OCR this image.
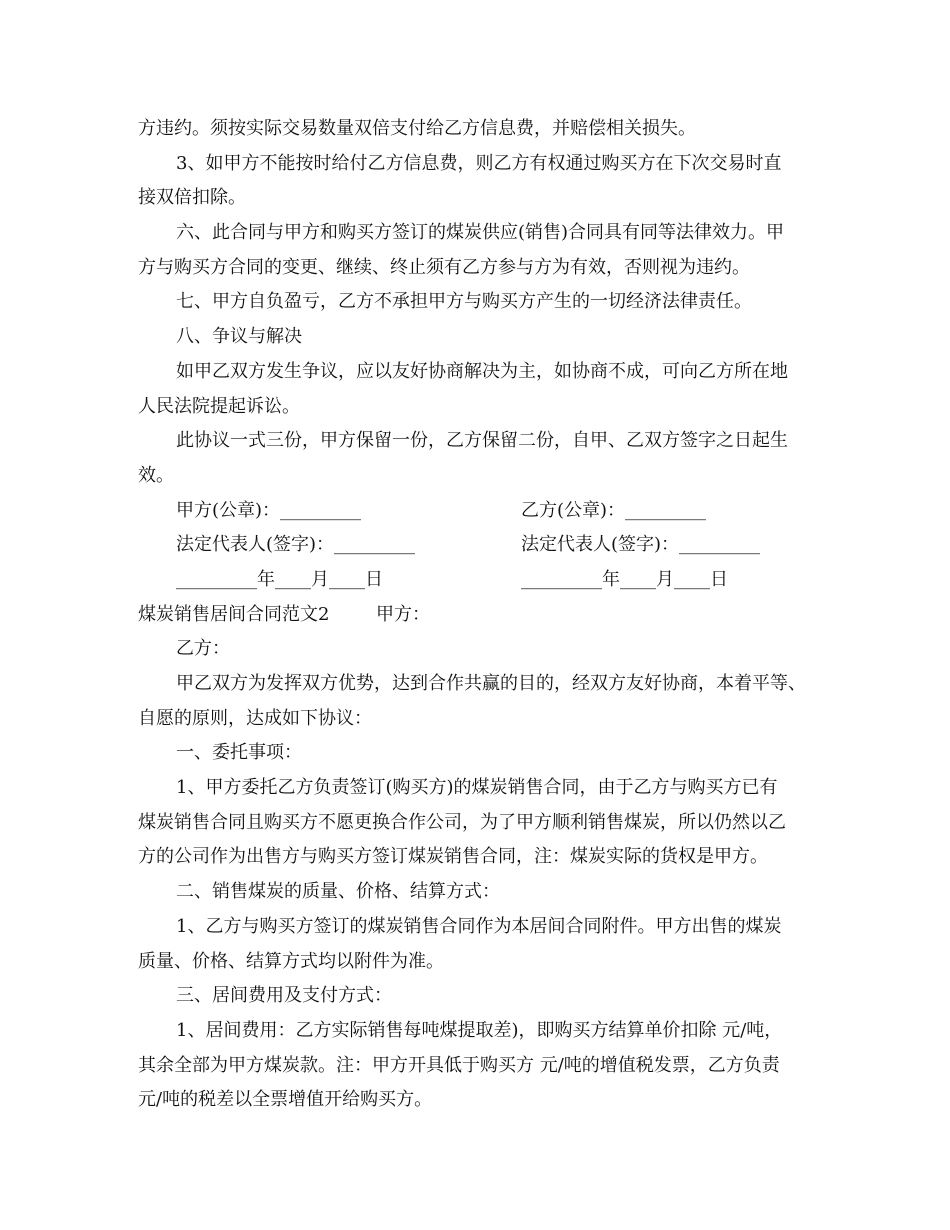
方违约。须按实际交易数量双倍支付给乙方信息费，并赔偿相关损失。
3、如甲方不能按时给付乙方信息费，则乙方有权通过购买方在下次交易时直
接双倍扣除。
六、此合同与甲方和购买方签订的煤炭供应(销售)合同具有同等法律效力。甲
方与购买方合同的变更、继续、终止须有乙方参与方为有效，否则视为违约。
七、甲方自负盈亏，乙方不承担甲方与购买方产生的一切经济法律责任。
八、争议与解决
如甲乙双方发生争议，应以友好协商解决为主，如协商不成，可向乙方所在地
人民法院提起诉讼。
此协议一式三份，甲方保留一份，乙方保留二份，自甲、乙双方签字之日起生
效。
甲方(公章)：_________	乙方(公章)：_________
法定代表人(签字)：_________	法定代表人(签字)：_________
_________年____月____日	_________年____月____日
煤炭销售居间合同范文2	甲方：
乙方：
甲乙双方为发挥双方优势，达到合作共赢的目的，经双方友好协商，本着平等、
自愿的原则，达成如下协议：
一、委托事项：
1、甲方委托乙方负责签订(购买方)的煤炭销售合同，由于乙方与购买方已有
煤炭销售合同且购买方不愿更换合作公司，为了甲方顺利销售煤炭，所以仍然以乙
方的公司作为出售方与购买方签订煤炭销售合同，注：煤炭实际的货权是甲方。
二、销售煤炭的质量、价格、结算方式：
1、乙方与购买方签订的煤炭销售合同作为本居间合同附件。甲方出售的煤炭
质量、价格、结算方式均以附件为准。
三、居间费用及支付方式：
1、居间费用：乙方实际销售每吨煤提取差)，即购买方结算单价扣除 元/吨，
其余全部为甲方煤炭款。注：甲方开具低于购买方 元/吨的增值税发票，乙方负责
元/吨的税差以全票增值开给购买方。
